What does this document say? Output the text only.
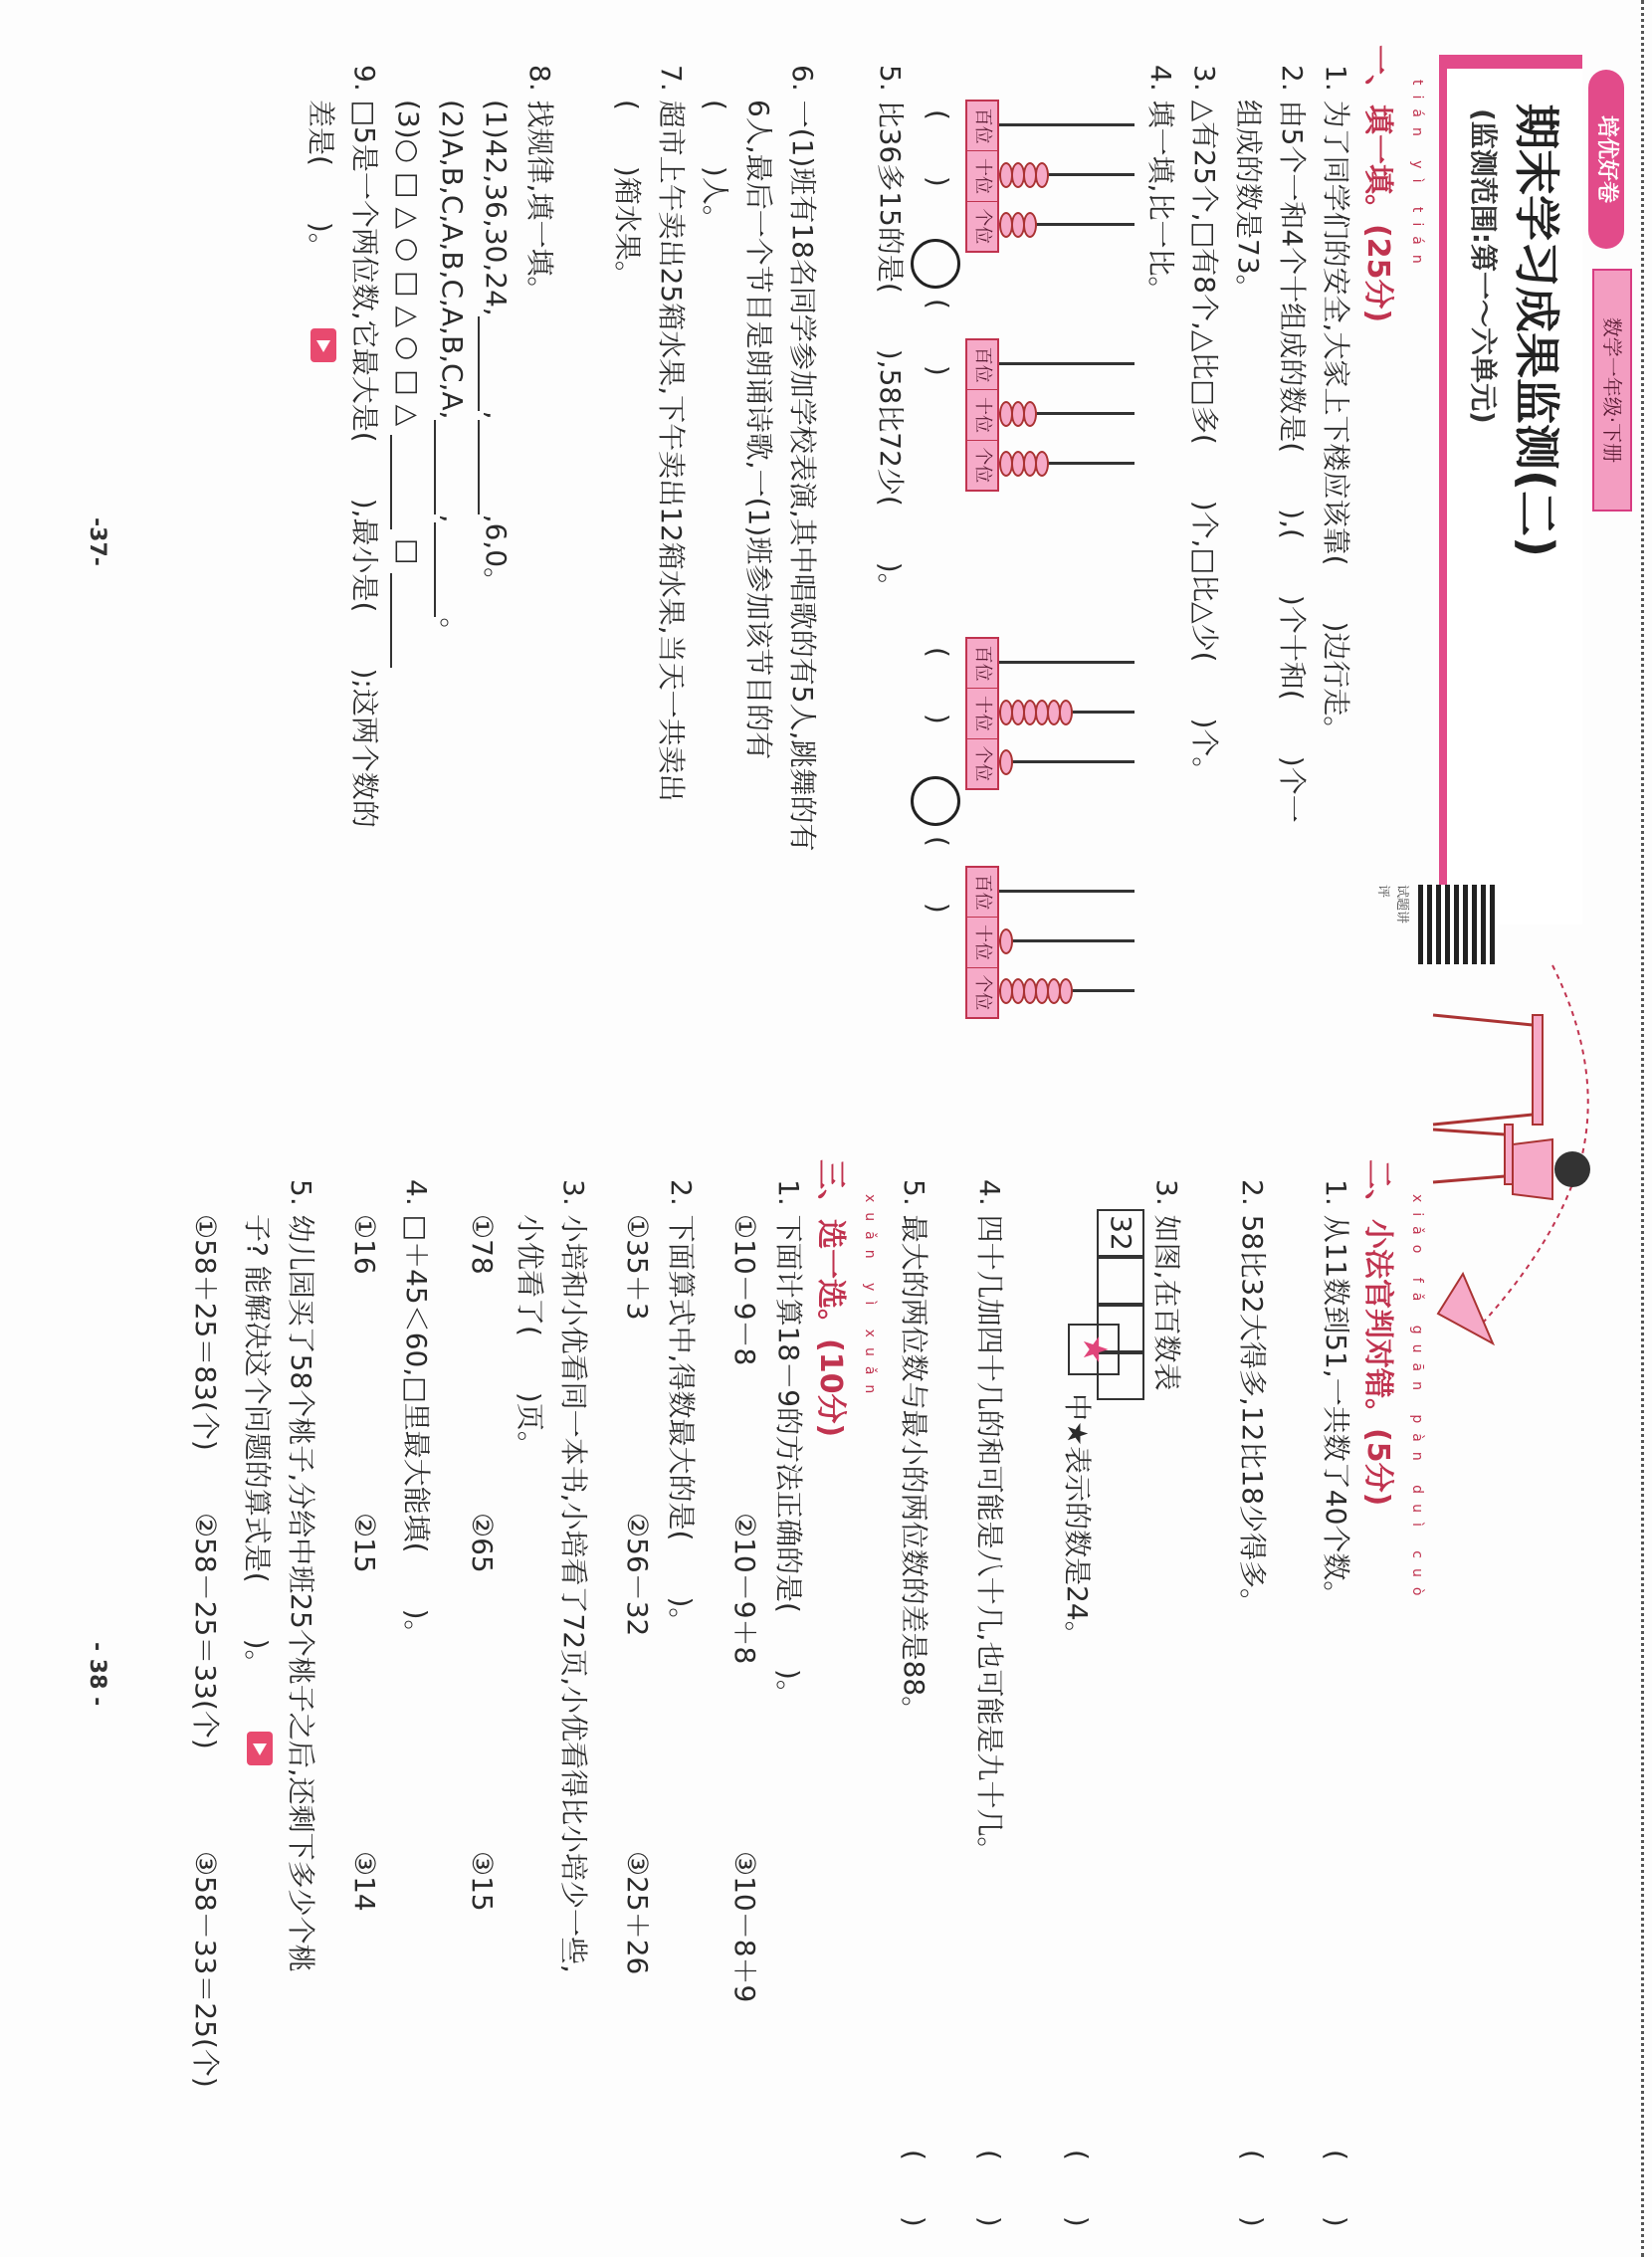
培优好卷
数学一年级·下册
期末学习成果监测(二)
(监测范围:第一～六单元)
试题讲评
tián yì tián
一、填一填。(25分)
1. 为了同学们的安全,大家上下楼应该靠(　　)边行走。
2. 由5个一和4个十组成的数是(　　),(　　)个十和(　　)个一
组成的数是73。
3. △有25个,□有8个,△比□多(　　)个,□比△少(　　)个。
4. 填一填,比一比。
百位
十位
个位
(　　)
(　　) 百位
十位
个位
百位
十位
个位
(　　)
(　　) 百位
十位
个位
5. 比36多15的是(　　),58比72少(　　)。
6. 一(1)班有18名同学参加学校表演,其中唱歌的有5人,跳舞的有
6人,最后一个节目是朗诵诗歌,一(1)班参加该节目的有
(　　)人。
7. 超市上午卖出25箱水果,下午卖出12箱水果,当天一共卖出
(　　)箱水果。
8. 找规律,填一填。
(1)42,36,30,24,,,6,0。
(2)A,B,C,A,B,C,A,B,C,A,,。
(3)○ □ △ ○ □ △ ○ □ △  □
9. □5是一个两位数,它最大是(　　),最小是(　　);这两个数的
差是(　　)。
-37-
xiǎo fǎ guān pàn duì cuò
二、小法官判对错。(5分)
1. 从11数到51,一共数了40个数。
(　　)
2. 58比32大得多,12比18少得多。
(　　)
3. 如图,在百数表
32
★
中★表示的数是24。
(　　)
4. 四十几加四十几的和可能是八十几,也可能是九十几。
(　　)
5. 最大的两位数与最小的两位数的差是88。
(　　)
xuǎn yì xuǎn
三、选一选。(10分)
1. 下面计算18－9的方法正确的是(　　)。
①10－9－8
②10－9＋8
③10－8＋9
2. 下面算式中,得数最大的是(　　)。
①35＋3
②56－32
③25＋26
3. 小培和小优看同一本书,小培看了72页,小优看得比小培少一些,
小优看了(　　)页。
①78
②65
③15
4. □＋45＜60,□里最大能填(　　)。
①16
②15
③14
5. 幼儿园买了58个桃子,分给中班25个桃子之后,还剩下多少个桃
子? 能解决这个问题的算式是(　　)。
①58＋25＝83(个)
②58－25＝33(个)
③58－33＝25(个)
- 38 -
